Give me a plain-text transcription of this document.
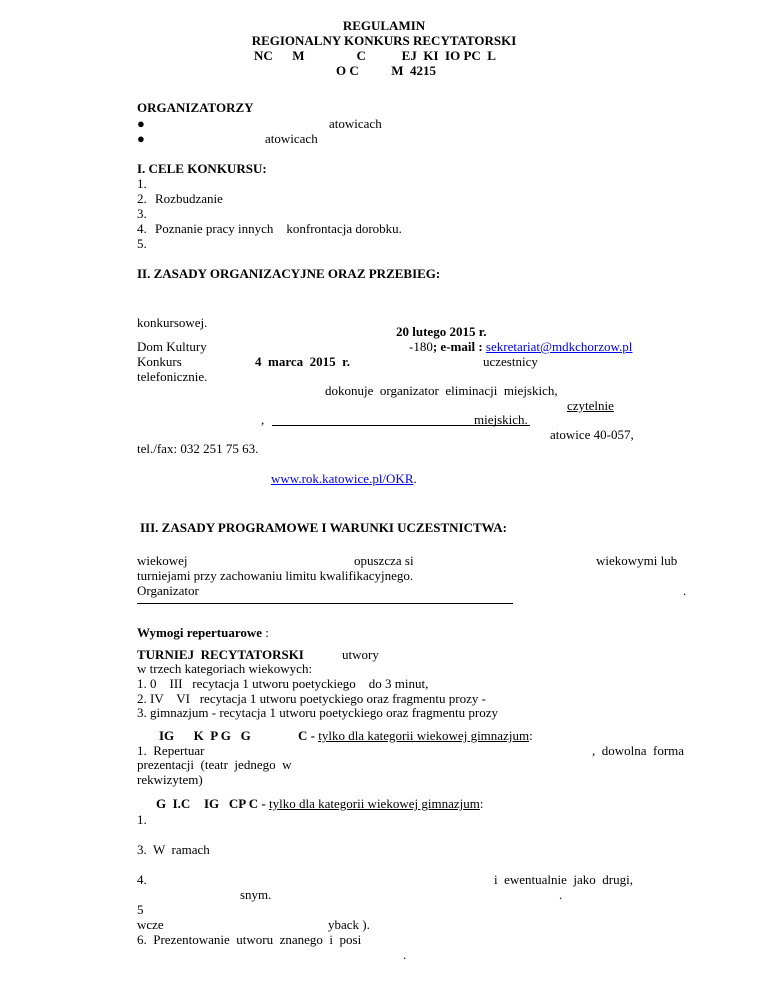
REGULAMIN
REGIONALNY KONKURS RECYTATORSKI
NC      M                C           EJ  KI  IO PC  L
O C          M  4215
ORGANIZATORZY
●	atowicach
●	atowicach
I. CELE KONKURSU:
1.
2. Rozbudzanie
3.
4. Poznanie pracy innych    konfrontacja dorobku.
5.
II. ZASADY ORGANIZACYJNE ORAZ PRZEBIEG:
konkursowej.
20 lutego 2015 r.
Dom Kultury	-180; e-mail : sekretariat@mdkchorzow.pl
Konkurs	4  marca  2015  r.	uczestnicy
telefonicznie.
dokonuje  organizator  eliminacji  miejskich,
czytelnie
,	miejskich.
atowice 40-057,
tel./fax: 032 251 75 63.
www.rok.katowice.pl/OKR.
III. ZASADY PROGRAMOWE I WARUNKI UCZESTNICTWA:
wiekowej	opuszcza si	wiekowymi lub
turniejami przy zachowaniu limitu kwalifikacyjnego.
Organizator	.
Wymogi repertuarowe :
TURNIEJ  RECYTATORSKI	utwory
w trzech kategoriach wiekowych:
1. 0    III   recytacja 1 utworu poetyckiego    do 3 minut,
2. IV    VI   recytacja 1 utworu poetyckiego oraz fragmentu prozy -
3. gimnazjum - recytacja 1 utworu poetyckiego oraz fragmentu prozy
IG      K  P G   G	C - tylko dla kategorii wiekowej gimnazjum:
1.  Repertuar	,  dowolna  forma
prezentacji  (teatr  jednego  w
rekwizytem)
G  I.C IG   CP C - tylko dla kategorii wiekowej gimnazjum:
1.
3.  W  ramach
4.	i  ewentualnie  jako  drugi,
.
snym.
5
wcze	yback ).
6.  Prezentowanie  utworu  znanego  i  posi
.
